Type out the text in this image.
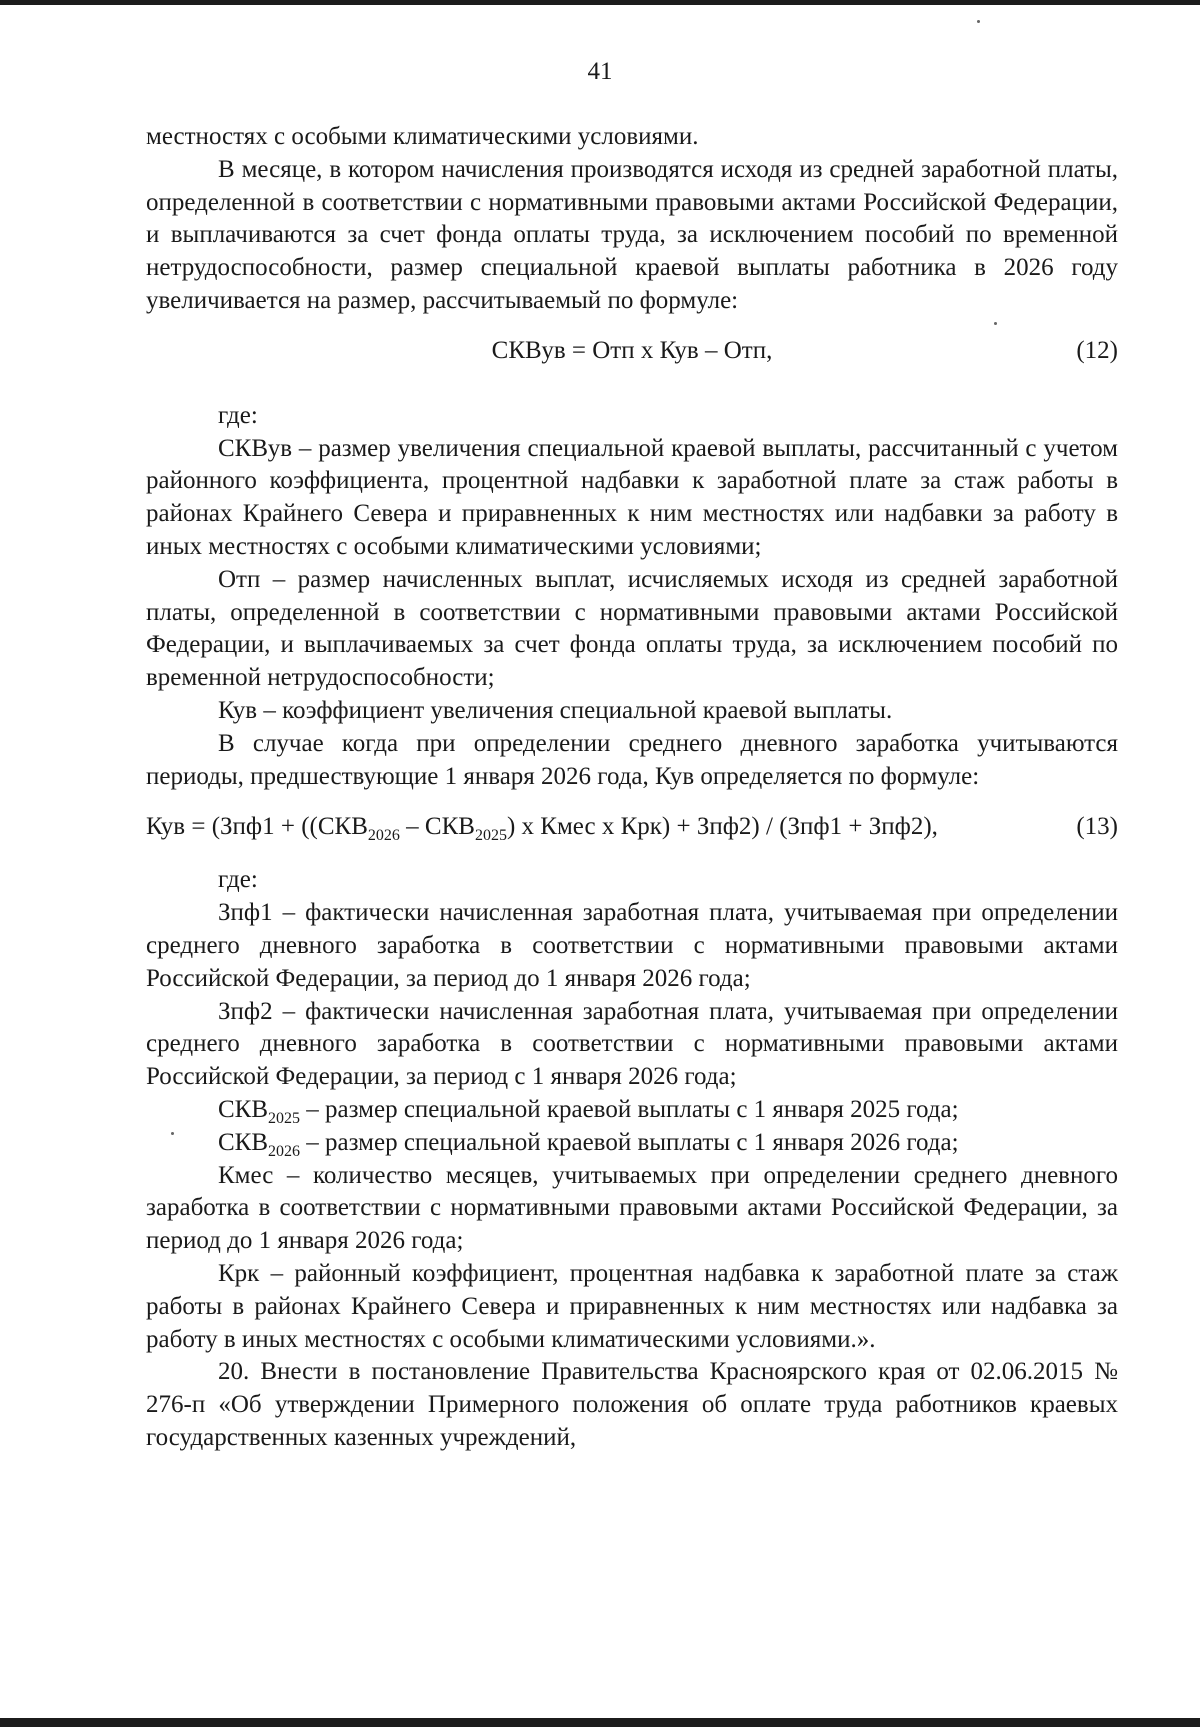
41

местностях с особыми климатическими условиями.

В месяце, в котором начисления производятся исходя из средней заработной платы, определенной в соответствии с нормативными правовыми актами Российской Федерации, и выплачиваются за счет фонда оплаты труда, за исключением пособий по временной нетрудоспособности, размер специальной краевой выплаты работника в 2026 году увеличивается на размер, рассчитываемый по формуле:

СКВув = Отп х Кув – Отп,	(12)

где:

СКВув – размер увеличения специальной краевой выплаты, рассчитанный с учетом районного коэффициента, процентной надбавки к заработной плате за стаж работы в районах Крайнего Севера и приравненных к ним местностях или надбавки за работу в иных местностях с особыми климатическими условиями;

Отп – размер начисленных выплат, исчисляемых исходя из средней заработной платы, определенной в соответствии с нормативными правовыми актами Российской Федерации, и выплачиваемых за счет фонда оплаты труда, за исключением пособий по временной нетрудоспособности;

Кув – коэффициент увеличения специальной краевой выплаты.

В случае когда при определении среднего дневного заработка учитываются периоды, предшествующие 1 января 2026 года, Кув определяется по формуле:

Кув = ($Зпф1 + ((СКВ_{2026} - СКВ_{2025})$ х Кмес х Крк) + Зпф2) / (Зпф1 + Зпф2),	(13)

где:

Зпф1 – фактически начисленная заработная плата, учитываемая при определении среднего дневного заработка в соответствии с нормативными правовыми актами Российской Федерации, за период до 1 января 2026 года;

Зпф2 – фактически начисленная заработная плата, учитываемая при определении среднего дневного заработка в соответствии с нормативными правовыми актами Российской Федерации, за период с 1 января 2026 года;

$СКВ_{2025}$ – размер специальной краевой выплаты с 1 января 2025 года;

$СКВ_{2026}$ – размер специальной краевой выплаты с 1 января 2026 года;

Кмес – количество месяцев, учитываемых при определении среднего дневного заработка в соответствии с нормативными правовыми актами Российской Федерации, за период до 1 января 2026 года;

Крк – районный коэффициент, процентная надбавка к заработной плате за стаж работы в районах Крайнего Севера и приравненных к ним местностях или надбавка за работу в иных местностях с особыми климатическими условиями.».

20. Внести в постановление Правительства Красноярского края от 02.06.2015 № 276-п «Об утверждении Примерного положения об оплате труда работников краевых государственных казенных учреждений,
